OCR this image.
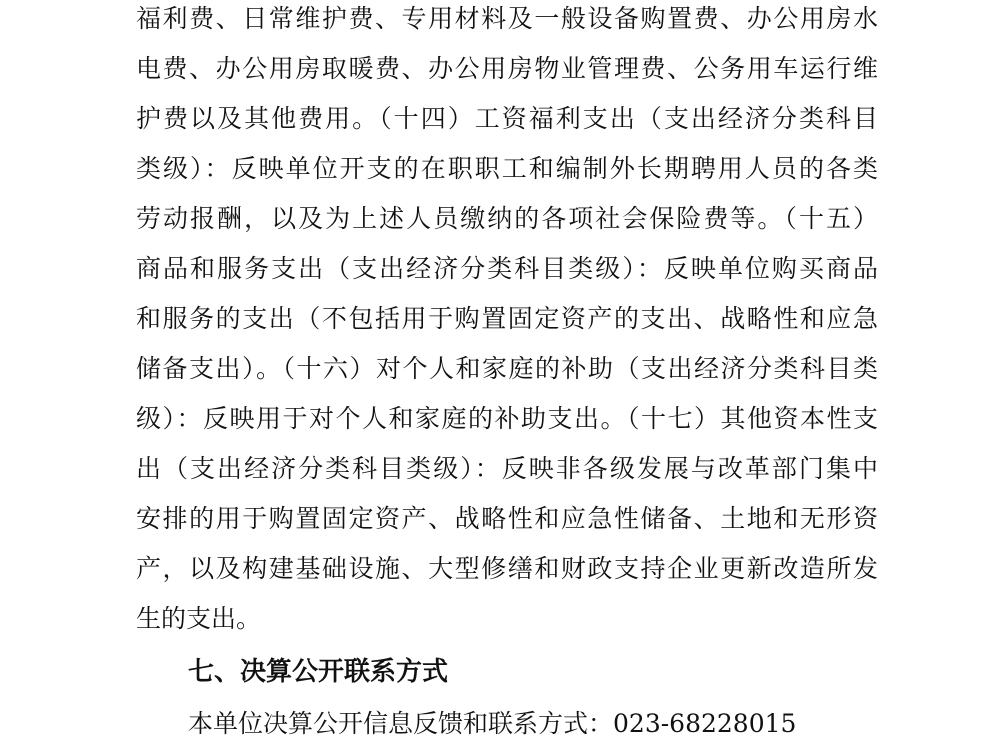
福利费、日常维护费、专用材料及一般设备购置费、办公用房水
电费、办公用房取暖费、办公用房物业管理费、公务用车运行维
护费以及其他费用。（十四）工资福利支出（支出经济分类科目
类级）：反映单位开支的在职职工和编制外长期聘用人员的各类
劳动报酬，以及为上述人员缴纳的各项社会保险费等。（十五）
商品和服务支出（支出经济分类科目类级）：反映单位购买商品
和服务的支出（不包括用于购置固定资产的支出、战略性和应急
储备支出）。（十六）对个人和家庭的补助（支出经济分类科目类
级）：反映用于对个人和家庭的补助支出。（十七）其他资本性支
出（支出经济分类科目类级）：反映非各级发展与改革部门集中
安排的用于购置固定资产、战略性和应急性储备、土地和无形资
产，以及构建基础设施、大型修缮和财政支持企业更新改造所发
生的支出。
七、决算公开联系方式
本单位决算公开信息反馈和联系方式：023-68228015
